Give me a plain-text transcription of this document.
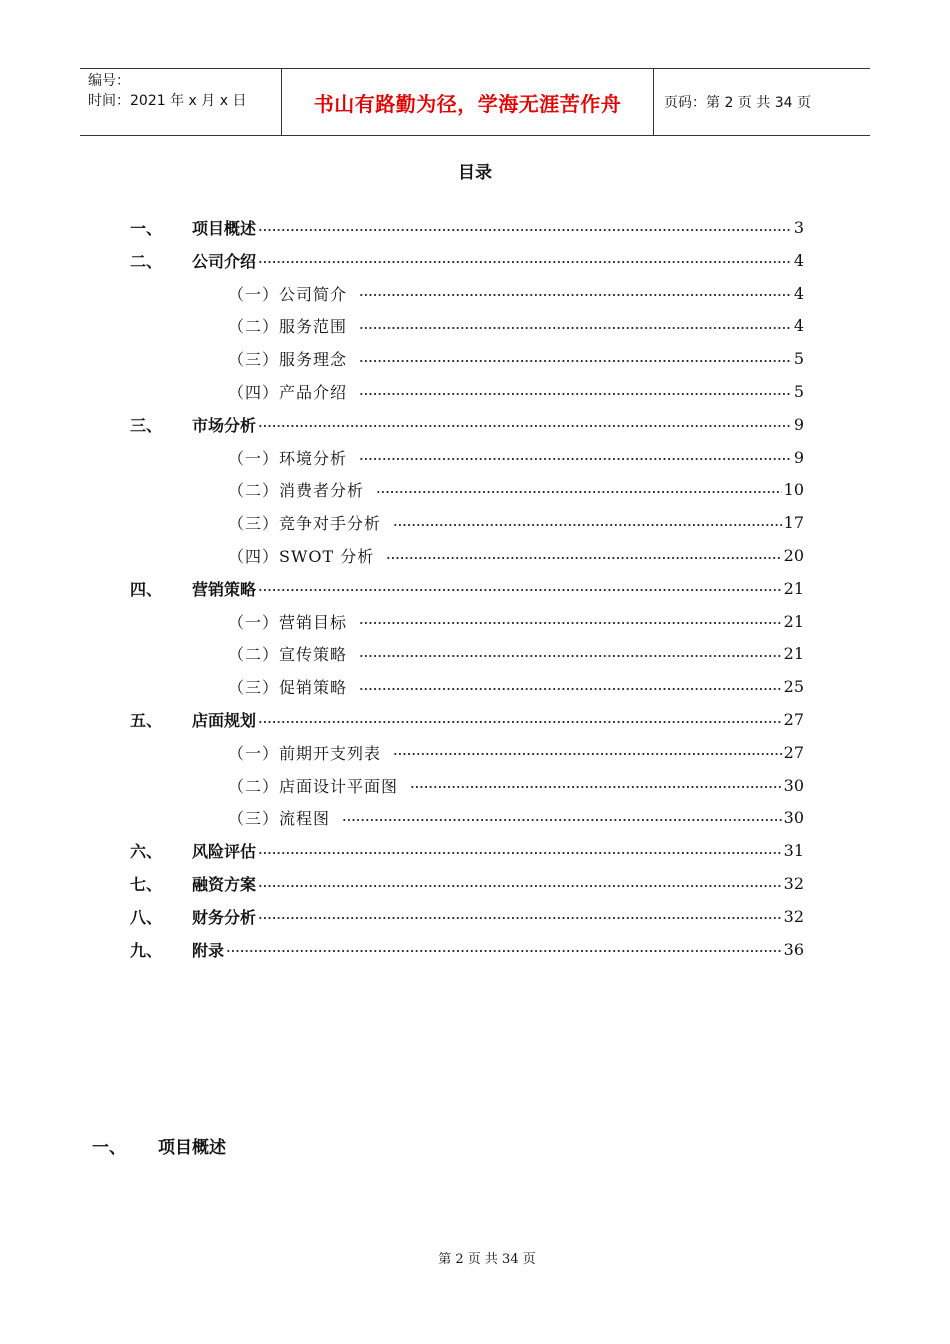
编号：
时间：2021 年 x 月 x 日	书山有路勤为径，学海无涯苦作舟	页码：第 2 页 共 34 页
目录
一、	项目概述	3
二、	公司介绍	4
（一）公司简介	4
（二）服务范围	4
（三）服务理念	5
（四）产品介绍	5
三、	市场分析	9
（一）环境分析	9
（二）消费者分析	10
（三）竞争对手分析	17
（四）SWOT 分析	20
四、	营销策略	21
（一）营销目标	21
（二）宣传策略	21
（三）促销策略	25
五、	店面规划	27
（一）前期开支列表	27
（二）店面设计平面图	30
（三）流程图	30
六、	风险评估	31
七、	融资方案	32
八、	财务分析	32
九、	附录	36
一、	项目概述
第 2 页 共 34 页
